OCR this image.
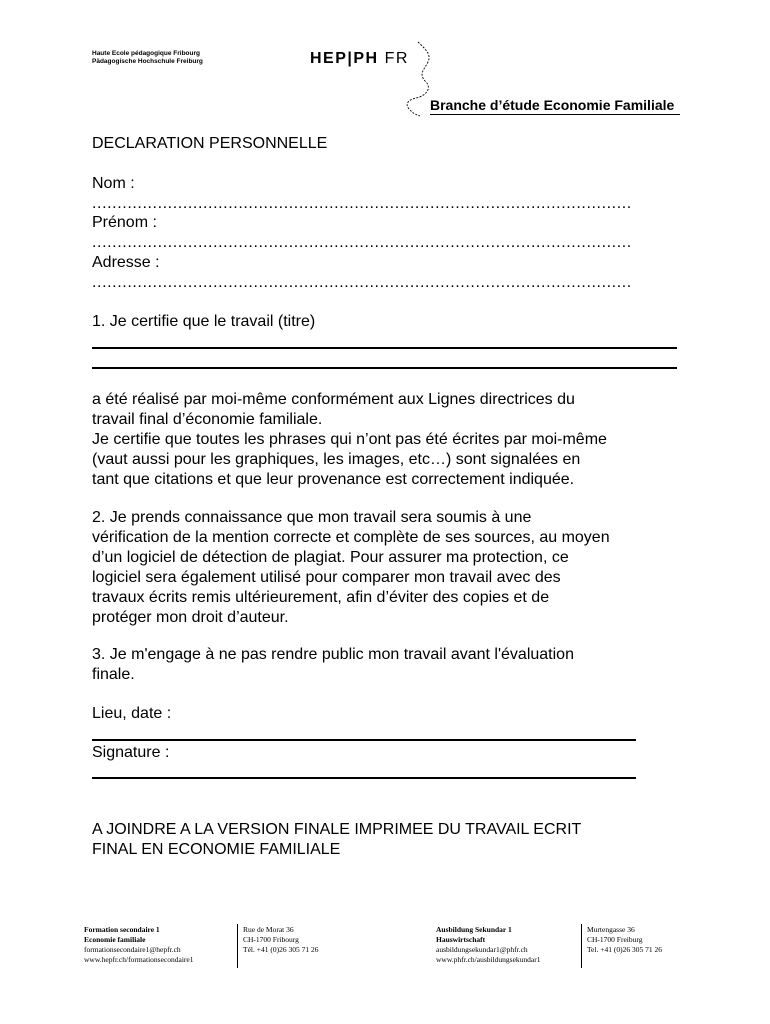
Haute Ecole pédagogique Fribourg
Pädagogische Hochschule Freiburg	HEP|PH FR
Branche d’étude Economie Familiale
DECLARATION PERSONNELLE
Nom :
...........................................................................................................
Prénom :
...........................................................................................................
Adresse :
...........................................................................................................
1. Je certifie que le travail (titre)
a été réalisé par moi-même conformément aux Lignes directrices du
travail final d’économie familiale.
Je certifie que toutes les phrases qui n’ont pas été écrites par moi-même
(vaut aussi pour les graphiques, les images, etc…) sont signalées en
tant que citations et que leur provenance est correctement indiquée.
2. Je prends connaissance que mon travail sera soumis à une
vérification de la mention correcte et complète de ses sources, au moyen
d’un logiciel de détection de plagiat. Pour assurer ma protection, ce
logiciel sera également utilisé pour comparer mon travail avec des
travaux écrits remis ultérieurement, afin d’éviter des copies et de
protéger mon droit d’auteur.
3. Je m'engage à ne pas rendre public mon travail avant l'évaluation
finale.
Lieu, date :
Signature :
A JOINDRE A LA VERSION FINALE IMPRIMEE DU TRAVAIL ECRIT
FINAL EN ECONOMIE FAMILIALE
Formation secondaire 1
Economie familiale
formationsecondaire1@hepfr.ch
www.hepfr.ch/formationsecondaire1
Rue de Morat 36
CH-1700 Fribourg
Tél. +41 (0)26 305 71 26
Ausbildung Sekundar 1
Hauswirtschaft
ausbildungsekundar1@phfr.ch
www.phfr.ch/ausbildungsekundar1
Murtengasse 36
CH-1700 Freiburg
Tel. +41 (0)26 305 71 26
